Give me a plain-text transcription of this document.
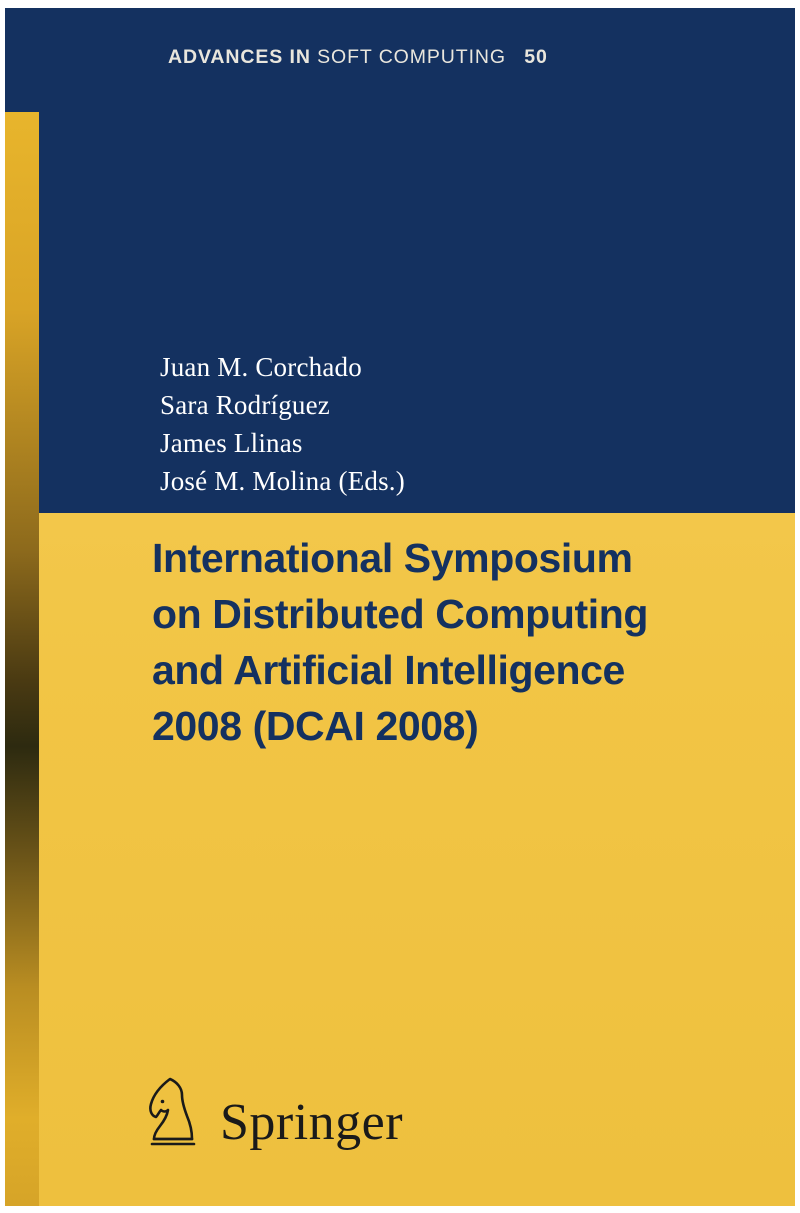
ADVANCES IN SOFT COMPUTING 50
Juan M. Corchado
Sara Rodríguez
James Llinas
José M. Molina (Eds.)
International Symposium
on Distributed Computing
and Artificial Intelligence
2008 (DCAI 2008)
Springer
